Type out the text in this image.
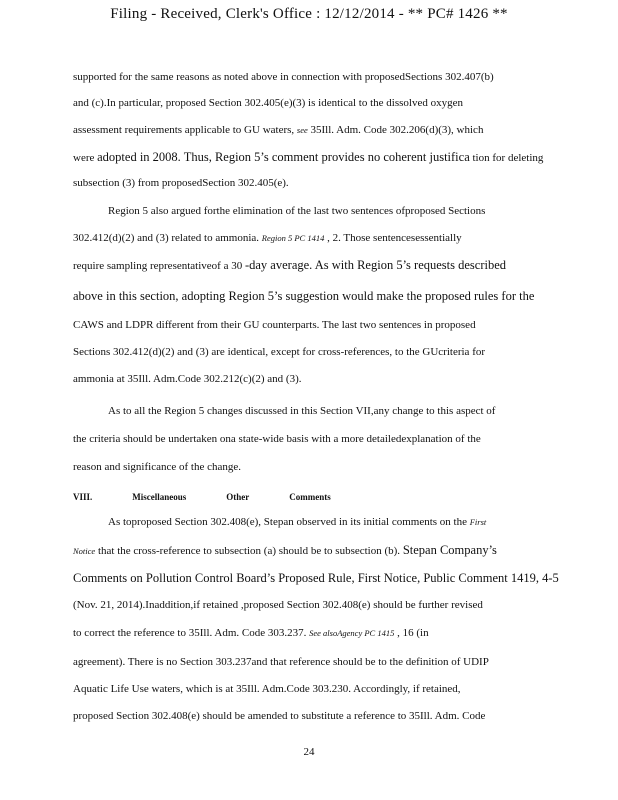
Filing - Received, Clerk's Office : 12/12/2014 - ** PC# 1426 **
supported for the same reasons as noted above in connection with proposedSections 302.407(b)
and (c).In particular, proposed Section 302.405(e)(3) is identical to the dissolved oxygen
assessment requirements applicable to GU waters, see 35Ill. Adm. Code 302.206(d)(3), which
were adopted in 2008. Thus, Region 5’s comment provides no coherent justifica tion for deleting
subsection (3) from proposedSection 302.405(e).
Region 5 also argued forthe elimination of the last two sentences ofproposed Sections
302.412(d)(2) and (3) related to ammonia. Region 5 PC 1414 , 2. Those sentencesessentially
require sampling representativeof a 30 -day average. As with Region 5’s requests described
above in this section, adopting Region 5’s suggestion would make the proposed rules for the
CAWS and LDPR different from their GU counterparts. The last two sentences in proposed
Sections 302.412(d)(2) and (3) are identical, except for cross-references, to the GUcriteria for
ammonia at 35Ill. Adm.Code 302.212(c)(2) and (3).
As to all the Region 5 changes discussed in this Section VII,any change to this aspect of
the criteria should be undertaken ona state-wide basis with a more detailedexplanation of the
reason and significance of the change.
VIII.	Miscellaneous	Other	Comments
As toproposed Section 302.408(e), Stepan observed in its initial comments on the First
Notice that the cross-reference to subsection (a) should be to subsection (b). Stepan Company’s
Comments on Pollution Control Board’s Proposed Rule, First Notice, Public Comment 1419, 4-5
(Nov. 21, 2014).Inaddition,if retained ,proposed Section 302.408(e) should be further revised
to correct the reference to 35Ill. Adm. Code 303.237. See alsoAgency PC 1415 , 16 (in
agreement). There is no Section 303.237and that reference should be to the definition of UDIP
Aquatic Life Use waters, which is at 35Ill. Adm.Code 303.230. Accordingly, if retained,
proposed Section 302.408(e) should be amended to substitute a reference to 35Ill. Adm. Code
24
